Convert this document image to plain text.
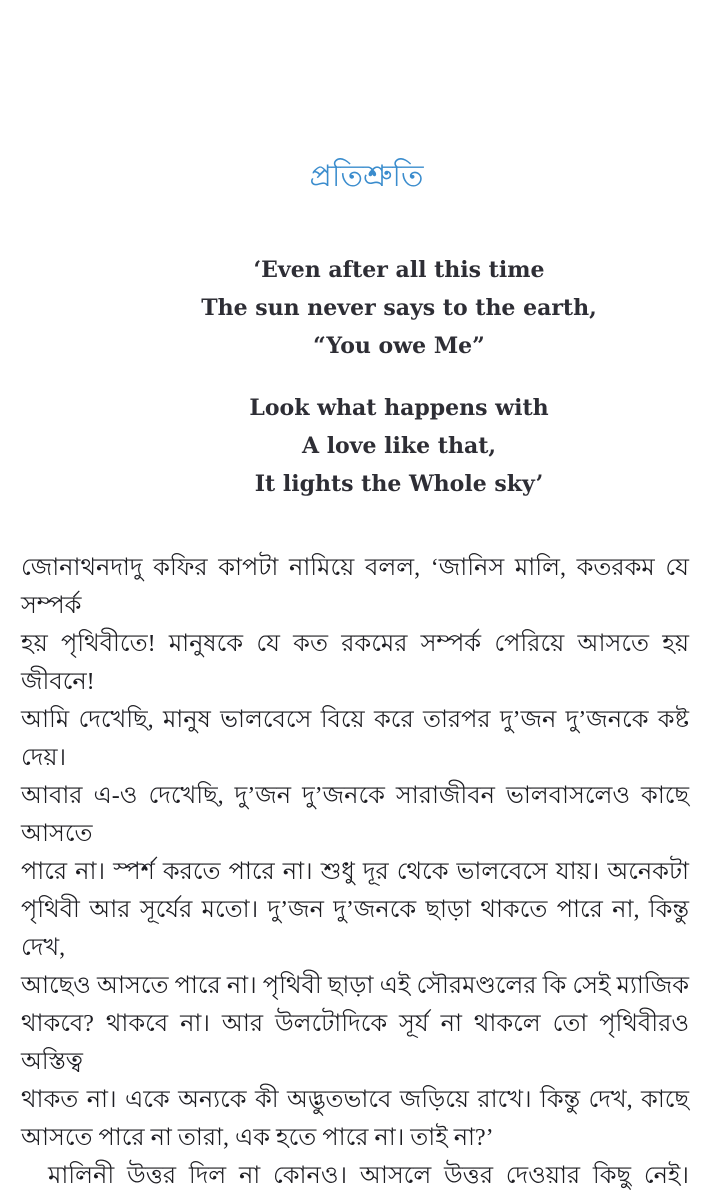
প্রতিশ্রুতি
‘Even after all this time
The sun never says to the earth,
“You owe Me”
Look what happens with
A love like that,
It lights the Whole sky’
জোনাথনদাদু কফির কাপটা নামিয়ে বলল, ‘জানিস মালি, কতরকম যে সম্পর্ক
হয় পৃথিবীতে! মানুষকে যে কত রকমের সম্পর্ক পেরিয়ে আসতে হয় জীবনে!
আমি দেখেছি, মানুষ ভালবেসে বিয়ে করে তারপর দু’জন দু’জনকে কষ্ট দেয়।
আবার এ-ও দেখেছি, দু’জন দু’জনকে সারাজীবন ভালবাসলেও কাছে আসতে
পারে না। স্পর্শ করতে পারে না। শুধু দূর থেকে ভালবেসে যায়। অনেকটা
পৃথিবী আর সূর্যের মতো। দু’জন দু’জনকে ছাড়া থাকতে পারে না, কিন্তু দেখ,
আছেও আসতে পারে না। পৃথিবী ছাড়া এই সৌরমণ্ডলের কি সেই ম্যাজিক
থাকবে? থাকবে না। আর উলটোদিকে সূর্য না থাকলে তো পৃথিবীরও অস্তিত্ব
থাকত না। একে অন্যকে কী অদ্ভুতভাবে জড়িয়ে রাখে। কিন্তু দেখ, কাছে
আসতে পারে না তারা, এক হতে পারে না। তাই না?’
মালিনী উত্তর দিল না কোনও। আসলে উত্তর দেওয়ার কিছু নেই।
